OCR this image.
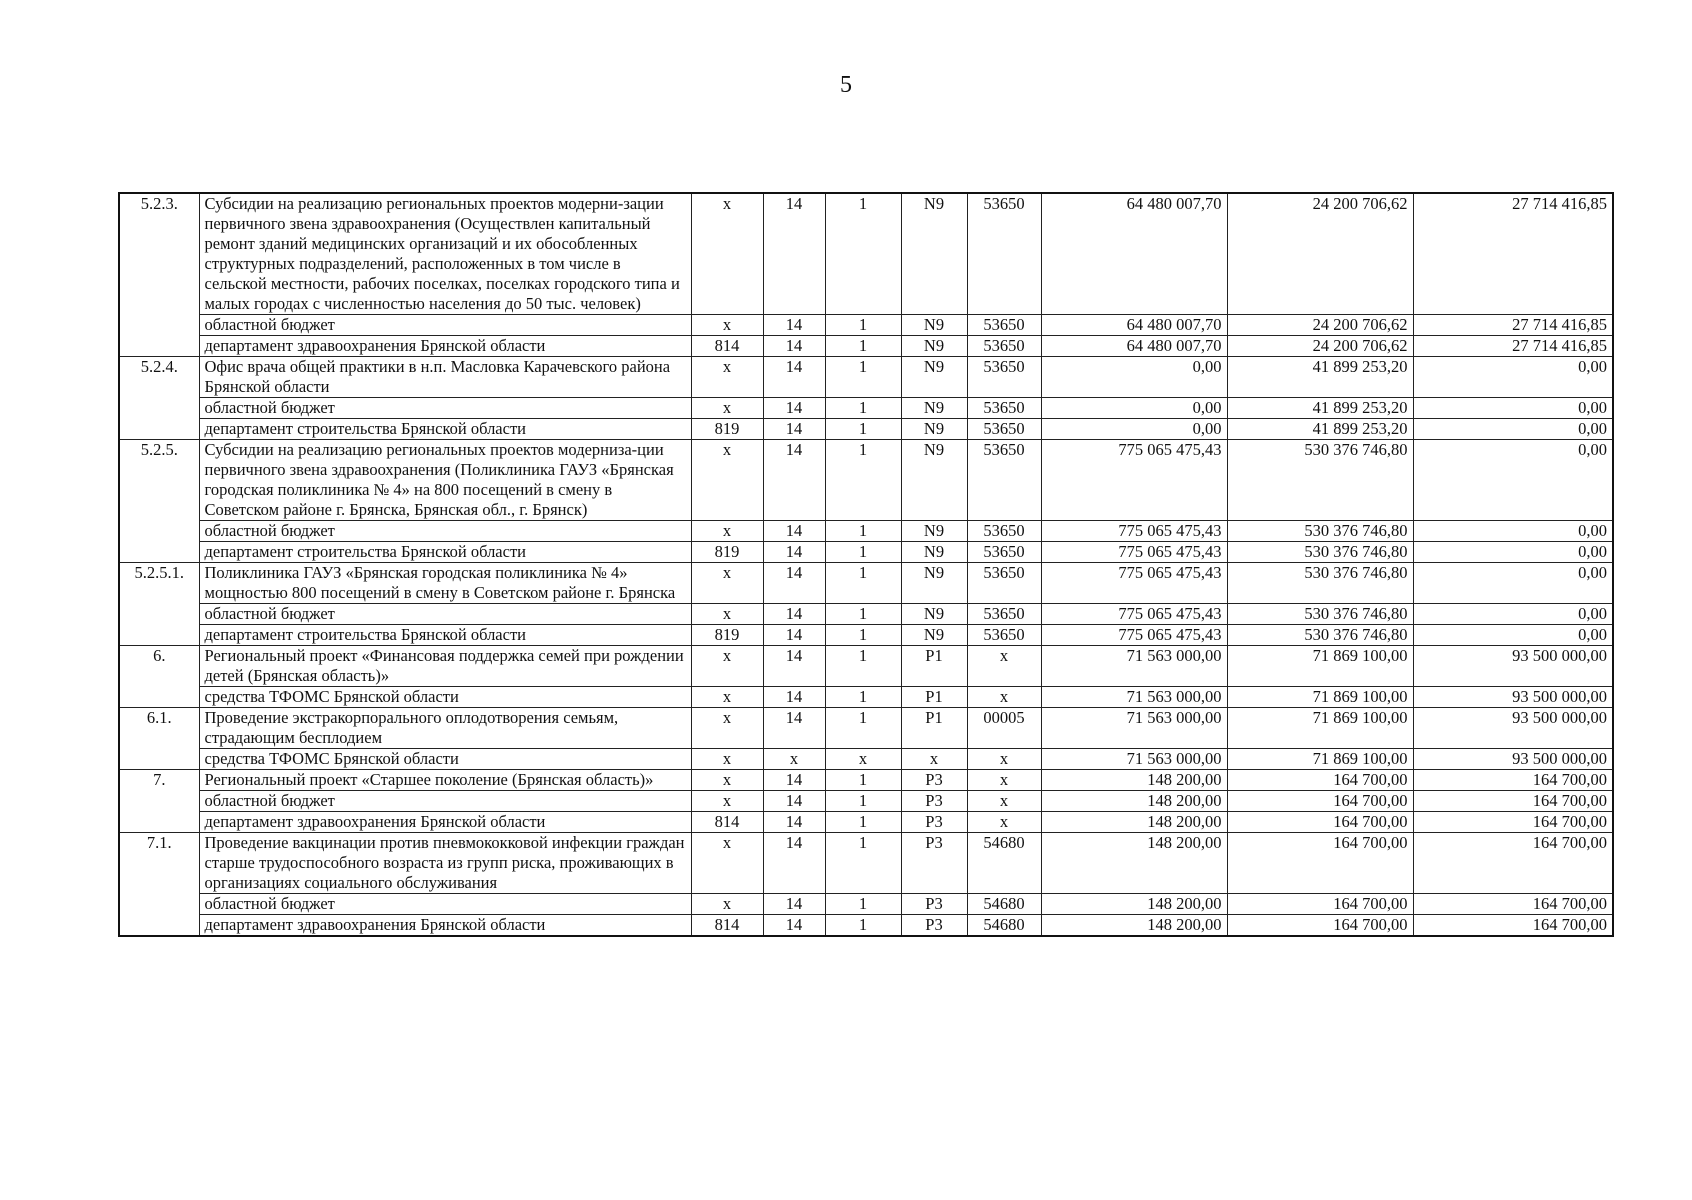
5
5.2.3.	Субсидии на реализацию региональных проектов модерни-зации первичного звена здравоохранения (Осуществлен капитальный ремонт зданий медицинских организаций и их обособленных структурных подразделений, расположенных в том числе в сельской местности, рабочих поселках, поселках городского типа и малых городах с численностью населения до 50 тыс. человек)	х	14	1	N9	53650	64 480 007,70	24 200 706,62	27 714 416,85
	областной бюджет	х	14	1	N9	53650	64 480 007,70	24 200 706,62	27 714 416,85
	департамент здравоохранения Брянской области	814	14	1	N9	53650	64 480 007,70	24 200 706,62	27 714 416,85
5.2.4.	Офис врача общей практики в н.п. Масловка Карачевского района Брянской области	х	14	1	N9	53650	0,00	41 899 253,20	0,00
	областной бюджет	х	14	1	N9	53650	0,00	41 899 253,20	0,00
	департамент строительства Брянской области	819	14	1	N9	53650	0,00	41 899 253,20	0,00
5.2.5.	Субсидии на реализацию региональных проектов модерниза-ции первичного звена здравоохранения (Поликлиника ГАУЗ «Брянская городская поликлиника № 4» на 800 посещений в смену в Советском районе г. Брянска, Брянская обл., г. Брянск)	х	14	1	N9	53650	775 065 475,43	530 376 746,80	0,00
	областной бюджет	х	14	1	N9	53650	775 065 475,43	530 376 746,80	0,00
	департамент строительства Брянской области	819	14	1	N9	53650	775 065 475,43	530 376 746,80	0,00
5.2.5.1.	Поликлиника ГАУЗ «Брянская городская поликлиника № 4» мощностью 800 посещений в смену в Советском районе г. Брянска	х	14	1	N9	53650	775 065 475,43	530 376 746,80	0,00
	областной бюджет	х	14	1	N9	53650	775 065 475,43	530 376 746,80	0,00
	департамент строительства Брянской области	819	14	1	N9	53650	775 065 475,43	530 376 746,80	0,00
6.	Региональный проект «Финансовая поддержка семей при рождении детей (Брянская область)»	х	14	1	P1	х	71 563 000,00	71 869 100,00	93 500 000,00
	средства ТФОМС Брянской области	х	14	1	P1	х	71 563 000,00	71 869 100,00	93 500 000,00
6.1.	Проведение экстракорпорального оплодотворения семьям, страдающим бесплодием	х	14	1	P1	00005	71 563 000,00	71 869 100,00	93 500 000,00
	средства ТФОМС Брянской области	х	х	х	х	х	71 563 000,00	71 869 100,00	93 500 000,00
7.	Региональный проект «Старшее поколение (Брянская область)»	х	14	1	P3	х	148 200,00	164 700,00	164 700,00
	областной бюджет	х	14	1	P3	х	148 200,00	164 700,00	164 700,00
	департамент здравоохранения Брянской области	814	14	1	P3	х	148 200,00	164 700,00	164 700,00
7.1.	Проведение вакцинации против пневмококковой инфекции граждан старше трудоспособного возраста из групп риска, проживающих в организациях социального обслуживания	х	14	1	P3	54680	148 200,00	164 700,00	164 700,00
	областной бюджет	х	14	1	P3	54680	148 200,00	164 700,00	164 700,00
	департамент здравоохранения Брянской области	814	14	1	P3	54680	148 200,00	164 700,00	164 700,00
